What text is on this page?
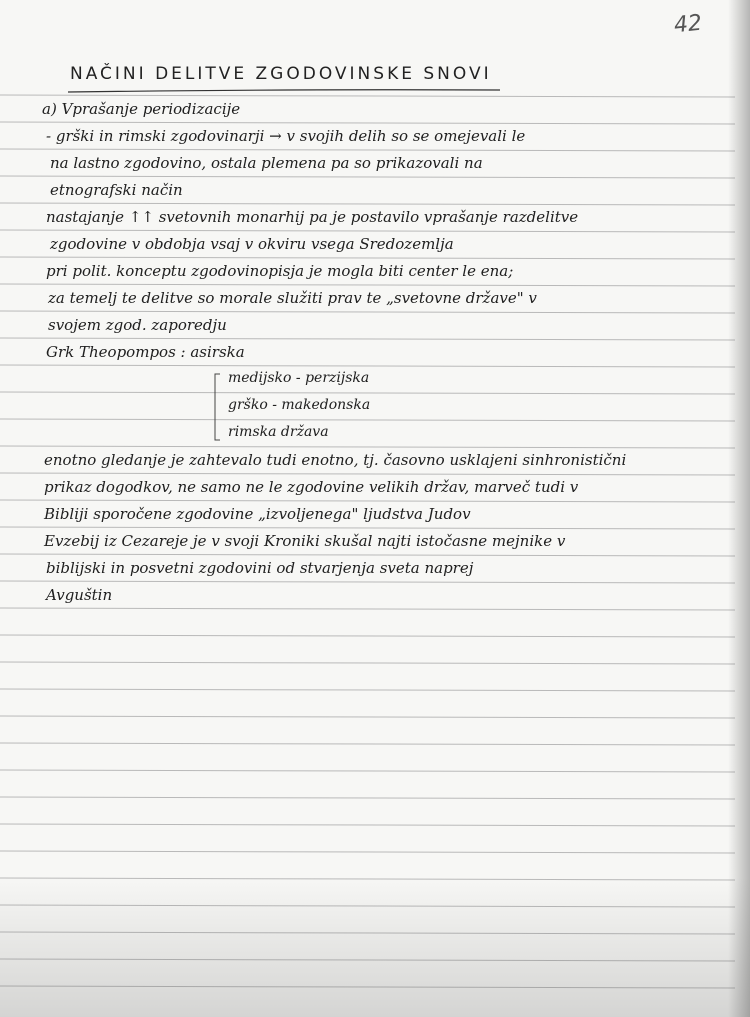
42
NAČINI DELITVE ZGODOVINSKE SNOVI
a) Vprašanje periodizacije
- grški in rimski zgodovinarji → v svojih delih so se omejevali le
na lastno zgodovino, ostala plemena pa so prikazovali na
etnografski način
nastajanje ↑↑ svetovnih monarhij pa je postavilo vprašanje razdelitve
zgodovine v obdobja vsaj v okviru vsega Sredozemlja
pri polit. konceptu zgodovinopisja je mogla biti center le ena;
za temelj te delitve so morale služiti prav te „svetovne države" v
svojem zgod. zaporedju
Grk Theopompos : asirska
medijsko - perzijska
grško - makedonska
rimska država
enotno gledanje je zahtevalo tudi enotno, tj. časovno usklajeni sinhronistični
prikaz dogodkov, ne samo ne le zgodovine velikih držav, marveč tudi v
Bibliji sporočene zgodovine „izvoljenega" ljudstva Judov
Evzebij iz Cezareje je v svoji Kroniki skušal najti istočasne mejnike v
biblijski in posvetni zgodovini od stvarjenja sveta naprej
Avguštin
